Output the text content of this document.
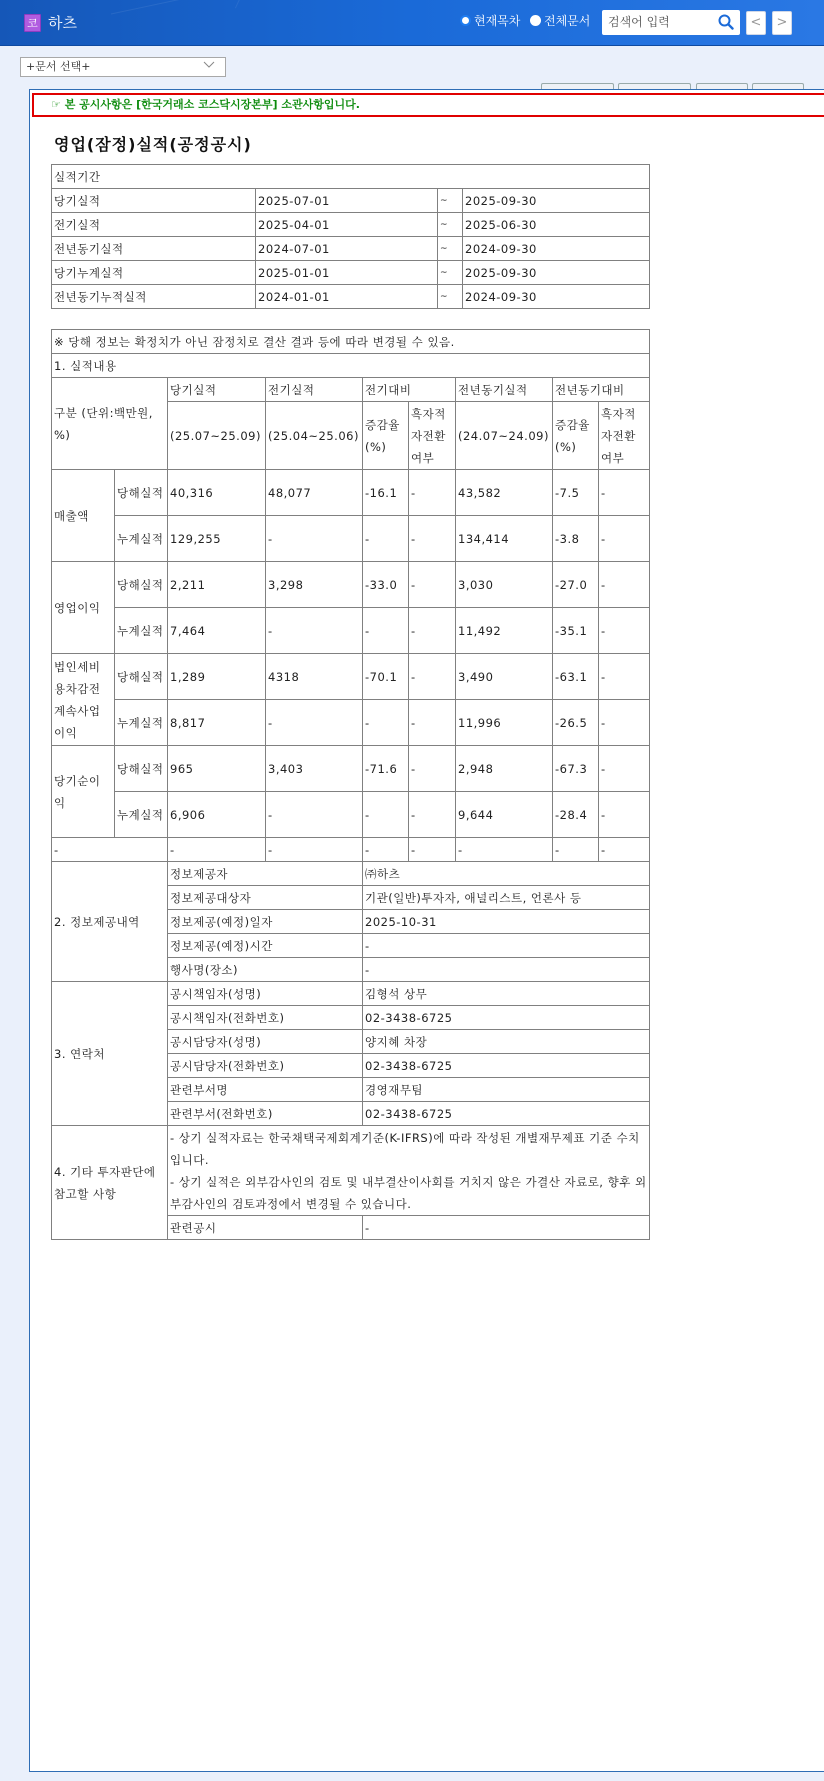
코 하츠	현재목차 전체문서
검색어 입력	<	>
+문서 선택+
☞ 본 공시사항은 [한국거래소 코스닥시장본부] 소관사항입니다.
영업(잠정)실적(공정공시)
실적기간			
당기실적	2025-07-01	~	2025-09-30
전기실적	2025-04-01	~	2025-06-30
전년동기실적	2024-07-01	~	2024-09-30
당기누계실적	2025-01-01	~	2025-09-30
전년동기누적실적	2024-01-01	~	2024-09-30
※ 당해 정보는 확정치가 아닌 잠정치로 결산 결과 등에 따라 변경될 수 있음.								
1. 실적내용								
구분 (단위:백만원, %)		당기실적	전기실적	전기대비		전년동기실적	전년동기대비	
		(25.07~25.09)	(25.04~25.06)	증감율(%)	흑자적자전환여부	(24.07~24.09)	증감율(%)	흑자적자전환여부
매출액	당해실적	40,316	48,077	-16.1	-	43,582	-7.5	-
	누계실적	129,255	-	-	-	134,414	-3.8	-
영업이익	당해실적	2,211	3,298	-33.0	-	3,030	-27.0	-
	누계실적	7,464	-	-	-	11,492	-35.1	-
법인세비용차감전계속사업이익	당해실적	1,289	4318	-70.1	-	3,490	-63.1	-
	누계실적	8,817	-	-	-	11,996	-26.5	-
당기순이익	당해실적	965	3,403	-71.6	-	2,948	-67.3	-
	누계실적	6,906	-	-	-	9,644	-28.4	-
-		-	-	-	-	-	-	-
2. 정보제공내역		정보제공자		㈜하츠				
		정보제공대상자		기관(일반)투자자, 애널리스트, 언론사 등				
		정보제공(예정)일자		2025-10-31				
		정보제공(예정)시간		-				
		행사명(장소)		-				
3. 연락처		공시책임자(성명)		김형석 상무				
		공시책임자(전화번호)		02-3438-6725				
		공시담당자(성명)		양지혜 차장				
		공시담당자(전화번호)		02-3438-6725				
		관련부서명		경영재무팀				
		관련부서(전화번호)		02-3438-6725				
4. 기타 투자판단에 참고할 사항		- 상기 실적자료는 한국채택국제회계기준(K-IFRS)에 따라 작성된 개별재무제표 기준 수치입니다.
- 상기 실적은 외부감사인의 검토 및 내부결산이사회를 거치지 않은 가결산 자료로, 향후 외부감사인의 검토과정에서 변경될 수 있습니다.						

		관련공시		-				
